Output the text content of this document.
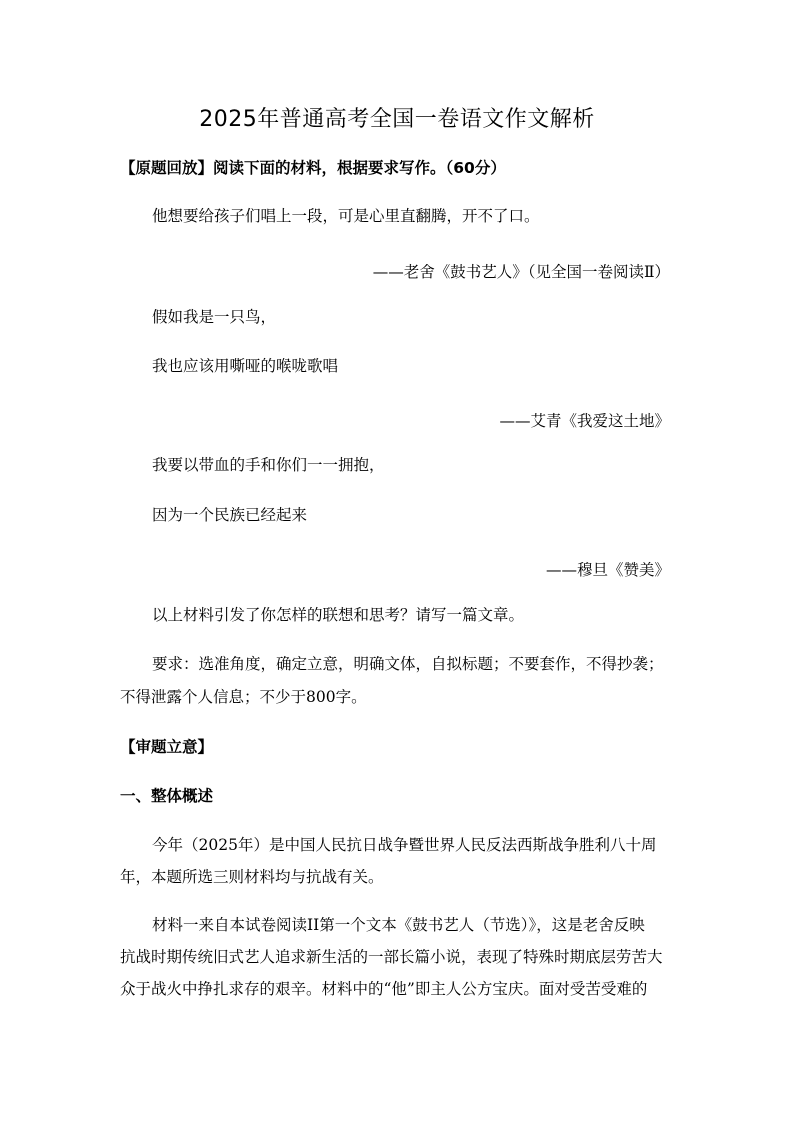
2025年普通高考全国一卷语文作文解析
【原题回放】阅读下面的材料，根据要求写作。（60分）
他想要给孩子们唱上一段，可是心里直翻腾，开不了口。
——老舍《鼓书艺人》（见全国一卷阅读Ⅱ）
假如我是一只鸟，
我也应该用嘶哑的喉咙歌唱
——艾青《我爱这土地》
我要以带血的手和你们一一拥抱，
因为一个民族已经起来
——穆旦《赞美》
以上材料引发了你怎样的联想和思考？请写一篇文章。
要求：选准角度，确定立意，明确文体，自拟标题；不要套作，不得抄袭；
不得泄露个人信息；不少于800字。
【审题立意】
一、整体概述
今年（2025年）是中国人民抗日战争暨世界人民反法西斯战争胜利八十周
年，本题所选三则材料均与抗战有关。
材料一来自本试卷阅读II第一个文本《鼓书艺人（节选）》，这是老舍反映
抗战时期传统旧式艺人追求新生活的一部长篇小说，表现了特殊时期底层劳苦大
众于战火中挣扎求存的艰辛。材料中的“他”即主人公方宝庆。面对受苦受难的
